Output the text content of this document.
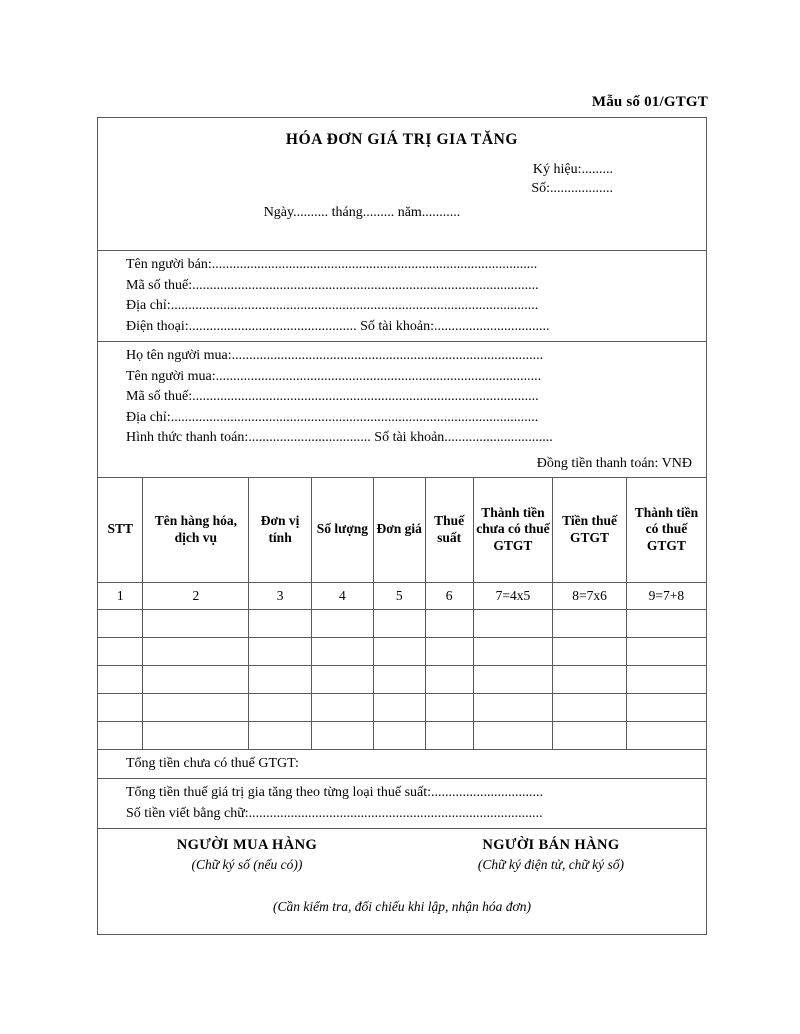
Mẫu số 01/GTGT
HÓA ĐƠN GIÁ TRỊ GIA TĂNG
Ký hiệu:.........
Số:..................
Ngày.......... tháng......... năm...........
Tên người bán:.............................................................................................
Mã số thuế:...................................................................................................
Địa chỉ:.........................................................................................................
Điện thoại:................................................ Số tài khoản:.................................
Họ tên người mua:.........................................................................................
Tên người mua:.............................................................................................
Mã số thuế:...................................................................................................
Địa chỉ:.........................................................................................................
Hình thức thanh toán:................................... Số tài khoản...............................
Đồng tiền thanh toán: VNĐ
STT	Tên hàng hóa, dịch vụ	Đơn vị tính	Số lượng	Đơn giá	Thuế suất	Thành tiền chưa có thuế GTGT	Tiền thuế GTGT	Thành tiền có thuế GTGT
1	2	3	4	5	6	7=4x5	8=7x6	9=7+8

Tổng tiền chưa có thuế GTGT:
Tổng tiền thuế giá trị gia tăng theo từng loại thuế suất:................................
Số tiền viết bằng chữ:....................................................................................
NGƯỜI MUA HÀNG
(Chữ ký số (nếu có))
NGƯỜI BÁN HÀNG
(Chữ ký điện tử, chữ ký số)
(Cần kiểm tra, đối chiếu khi lập, nhận hóa đơn)
